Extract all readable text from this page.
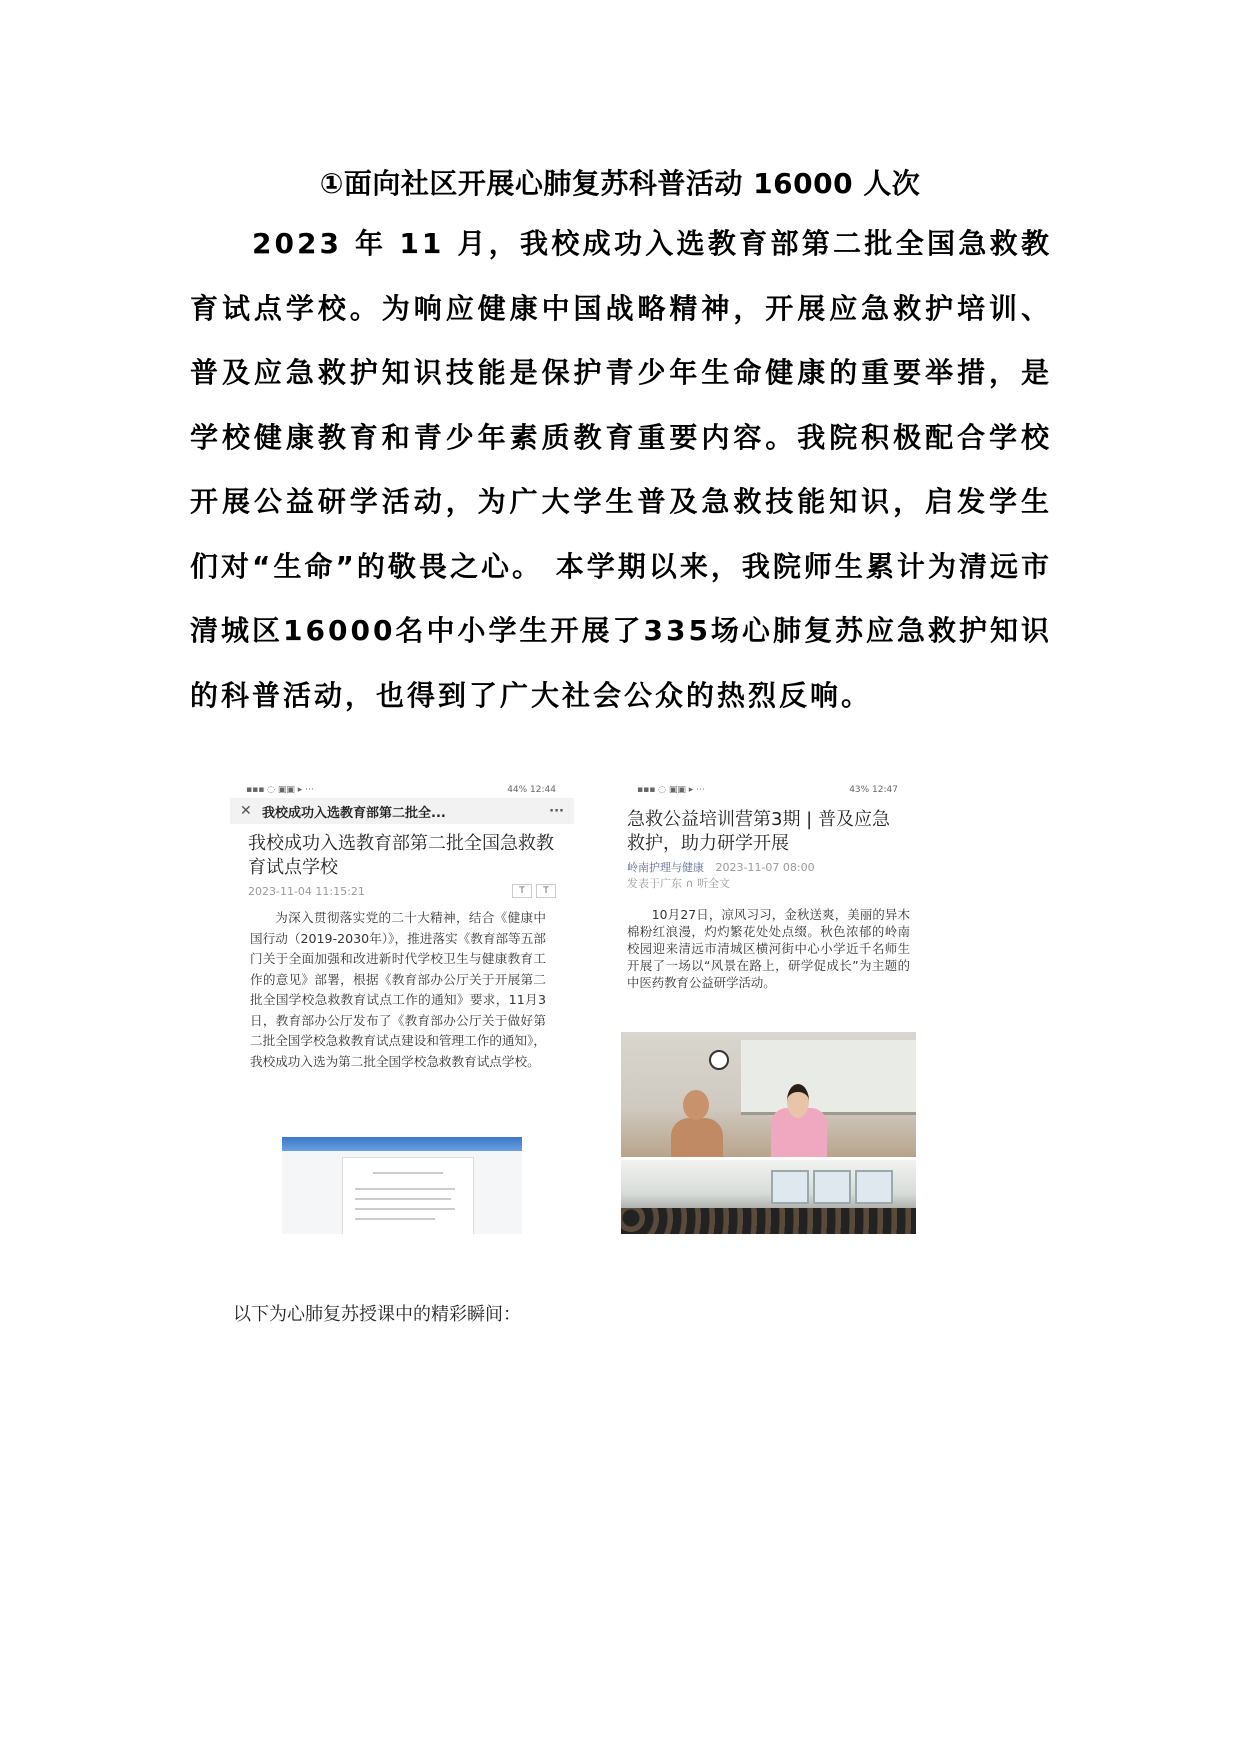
①面向社区开展心肺复苏科普活动 16000 人次
2023 年 11 月，我校成功入选教育部第二批全国急救教育试点学校。为响应健康中国战略精神，开展应急救护培训、普及应急救护知识技能是保护青少年生命健康的重要举措，是学校健康教育和青少年素质教育重要内容。我院积极配合学校开展公益研学活动，为广大学生普及急救技能知识，启发学生们对“生命”的敬畏之心。 本学期以来，我院师生累计为清远市清城区16000名中小学生开展了335场心肺复苏应急救护知识的科普活动，也得到了广大社会公众的热烈反响。
▪▪▪ ◌ ▣▣ ▸ ···	44% 12:44
✕ 我校成功入选教育部第二批全...	···
我校成功入选教育部第二批全国急救教育试点学校
2023-11-04 11:15:21	T	T
为深入贯彻落实党的二十大精神，结合《健康中国行动（2019-2030年）》，推进落实《教育部等五部门关于全面加强和改进新时代学校卫生与健康教育工作的意见》部署，根据《教育部办公厅关于开展第二批全国学校急救教育试点工作的通知》要求，11月3日，教育部办公厅发布了《教育部办公厅关于做好第二批全国学校急救教育试点建设和管理工作的通知》，我校成功入选为第二批全国学校急救教育试点学校。
▪▪▪ ◌ ▣▣ ▸ ···	43% 12:47
急救公益培训营第3期 | 普及应急救护，助力研学开展
岭南护理与健康 2023-11-07 08:00
发表于广东 ∩ 听全文
10月27日，凉风习习，金秋送爽，美丽的异木棉粉红浪漫，灼灼繁花处处点缀。秋色浓郁的岭南校园迎来清远市清城区横河街中心小学近千名师生开展了一场以“风景在路上，研学促成长”为主题的中医药教育公益研学活动。
以下为心肺复苏授课中的精彩瞬间：
